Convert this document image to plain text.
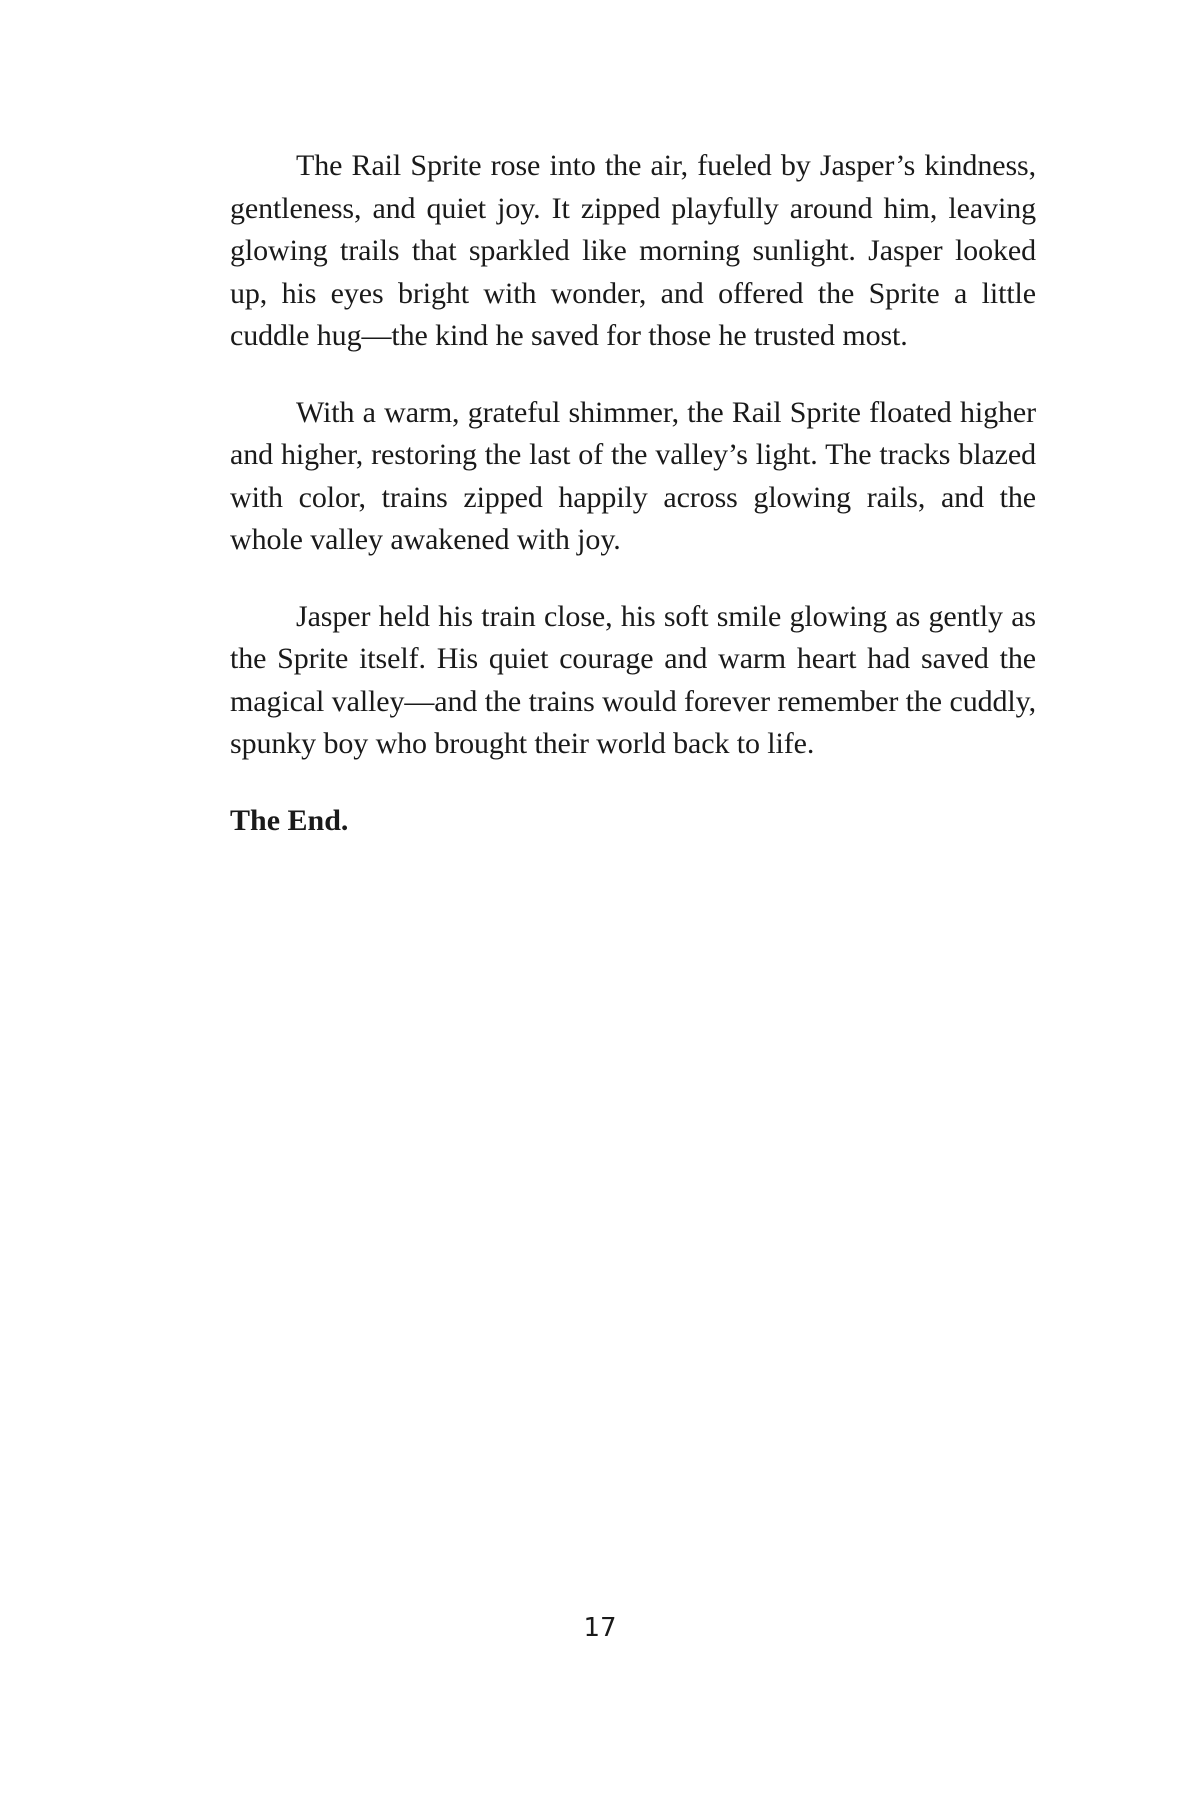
The Rail Sprite rose into the air, fueled by Jasper’s kindness, gentleness, and quiet joy. It zipped playfully around him, leaving glowing trails that sparkled like morning sunlight. Jasper looked up, his eyes bright with wonder, and offered the Sprite a little cuddle hug—the kind he saved for those he trusted most.

With a warm, grateful shimmer, the Rail Sprite floated higher and higher, restoring the last of the valley’s light. The tracks blazed with color, trains zipped happily across glowing rails, and the whole valley awakened with joy.

Jasper held his train close, his soft smile glowing as gently as the Sprite itself. His quiet courage and warm heart had saved the magical valley—and the trains would forever remember the cuddly, spunky boy who brought their world back to life.

The End.

17
